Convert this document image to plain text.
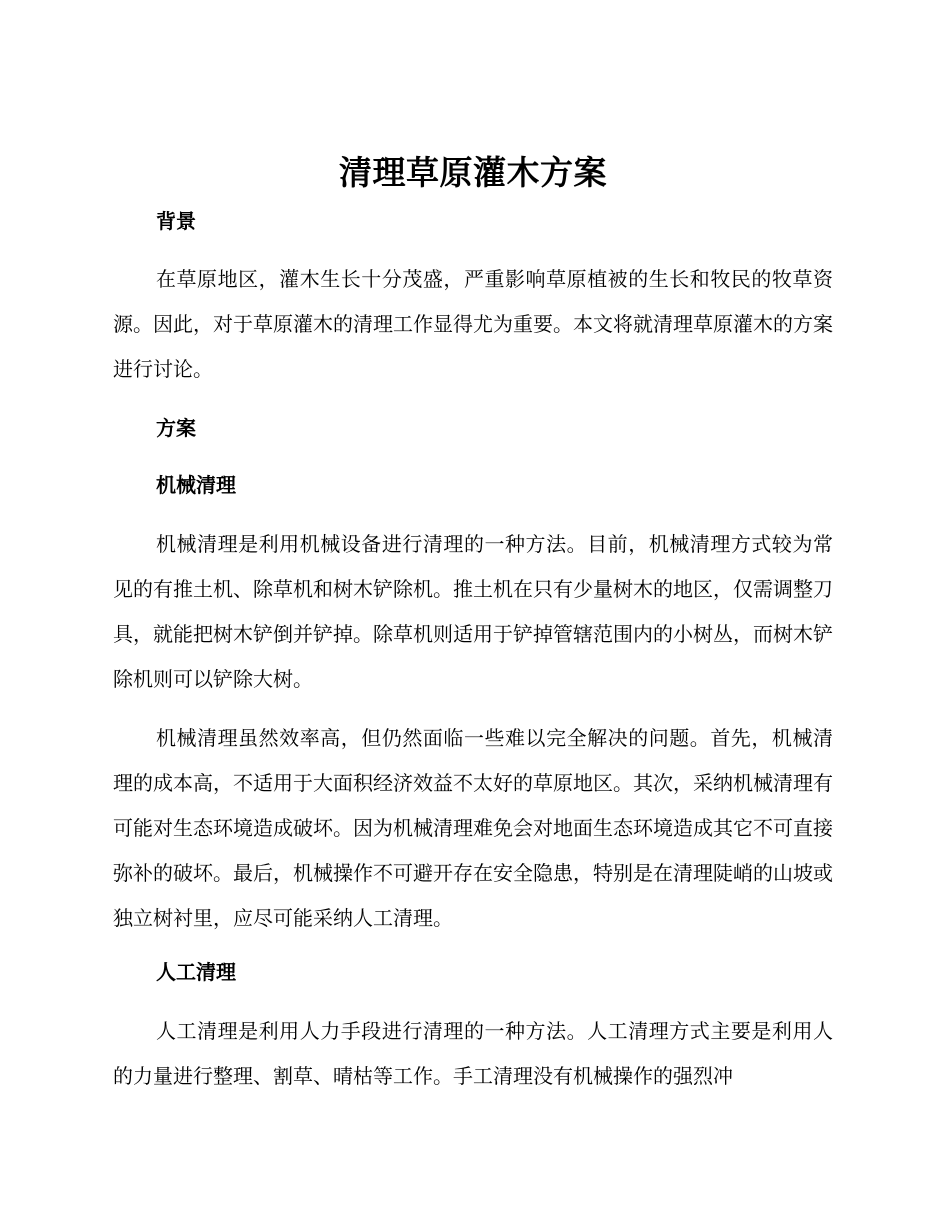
清理草原灌木方案
背景

在草原地区，灌木生长十分茂盛，严重影响草原植被的生长和牧民的牧草资源。因此，对于草原灌木的清理工作显得尤为重要。本文将就清理草原灌木的方案进行讨论。

方案
机械清理

机械清理是利用机械设备进行清理的一种方法。目前，机械清理方式较为常见的有推土机、除草机和树木铲除机。推土机在只有少量树木的地区，仅需调整刀具，就能把树木铲倒并铲掉。除草机则适用于铲掉管辖范围内的小树丛，而树木铲除机则可以铲除大树。

机械清理虽然效率高，但仍然面临一些难以完全解决的问题。首先，机械清理的成本高，不适用于大面积经济效益不太好的草原地区。其次，采纳机械清理有可能对生态环境造成破坏。因为机械清理难免会对地面生态环境造成其它不可直接弥补的破坏。最后，机械操作不可避开存在安全隐患，特别是在清理陡峭的山坡或独立树衬里，应尽可能采纳人工清理。

人工清理

人工清理是利用人力手段进行清理的一种方法。人工清理方式主要是利用人的力量进行整理、割草、晴枯等工作。手工清理没有机械操作的强烈冲
